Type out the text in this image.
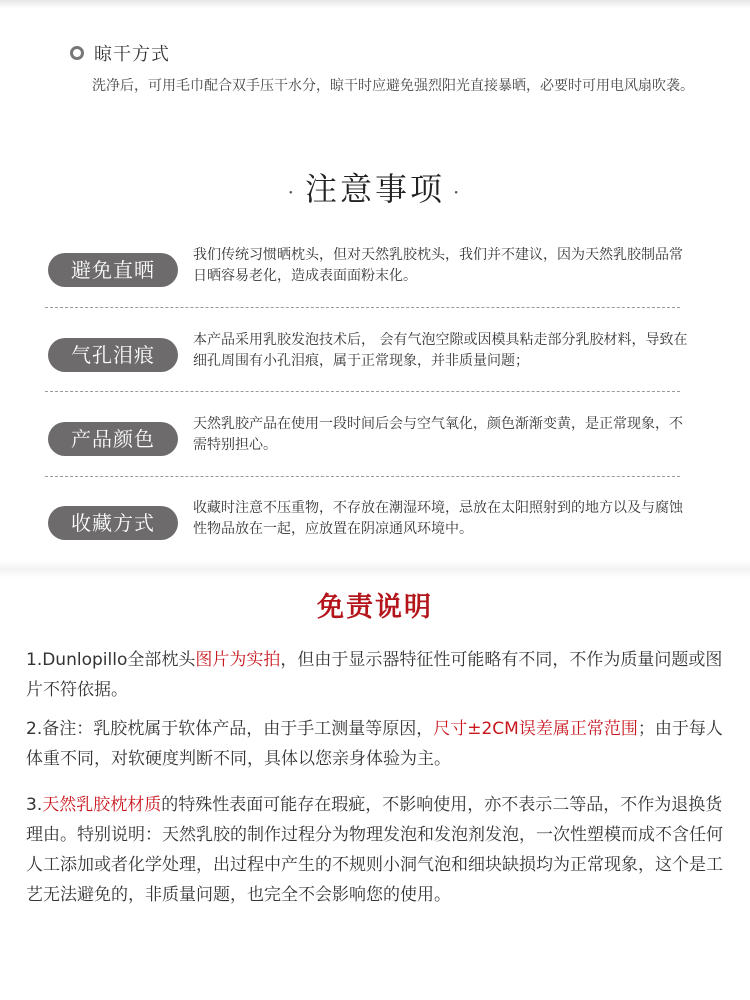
晾干方式
洗净后，可用毛巾配合双手压干水分，晾干时应避免强烈阳光直接暴晒，必要时可用电风扇吹袭。
· 注意事项 ·
避免直晒
我们传统习惯晒枕头，但对天然乳胶枕头，我们并不建议，因为天然乳胶制品常日晒容易老化，造成表面面粉末化。
气孔泪痕
本产品采用乳胶发泡技术后， 会有气泡空隙或因模具粘走部分乳胶材料，导致在细孔周围有小孔泪痕，属于正常现象，并非质量问题；
产品颜色
天然乳胶产品在使用一段时间后会与空气氧化，颜色渐渐变黄，是正常现象，不需特别担心。
收藏方式
收藏时注意不压重物，不存放在潮湿环境，忌放在太阳照射到的地方以及与腐蚀性物品放在一起，应放置在阴凉通风环境中。
免责说明
1.Dunlopillo全部枕头图片为实拍，但由于显示器特征性可能略有不同，不作为质量问题或图片不符依据。
2.备注：乳胶枕属于软体产品，由于手工测量等原因，尺寸±2CM误差属正常范围；由于每人体重不同，对软硬度判断不同，具体以您亲身体验为主。
3.天然乳胶枕材质的特殊性表面可能存在瑕疵，不影响使用，亦不表示二等品，不作为退换货理由。特别说明：天然乳胶的制作过程分为物理发泡和发泡剂发泡，一次性塑模而成不含任何人工添加或者化学处理，出过程中产生的不规则小洞气泡和细块缺损均为正常现象，这个是工艺无法避免的，非质量问题，也完全不会影响您的使用。
